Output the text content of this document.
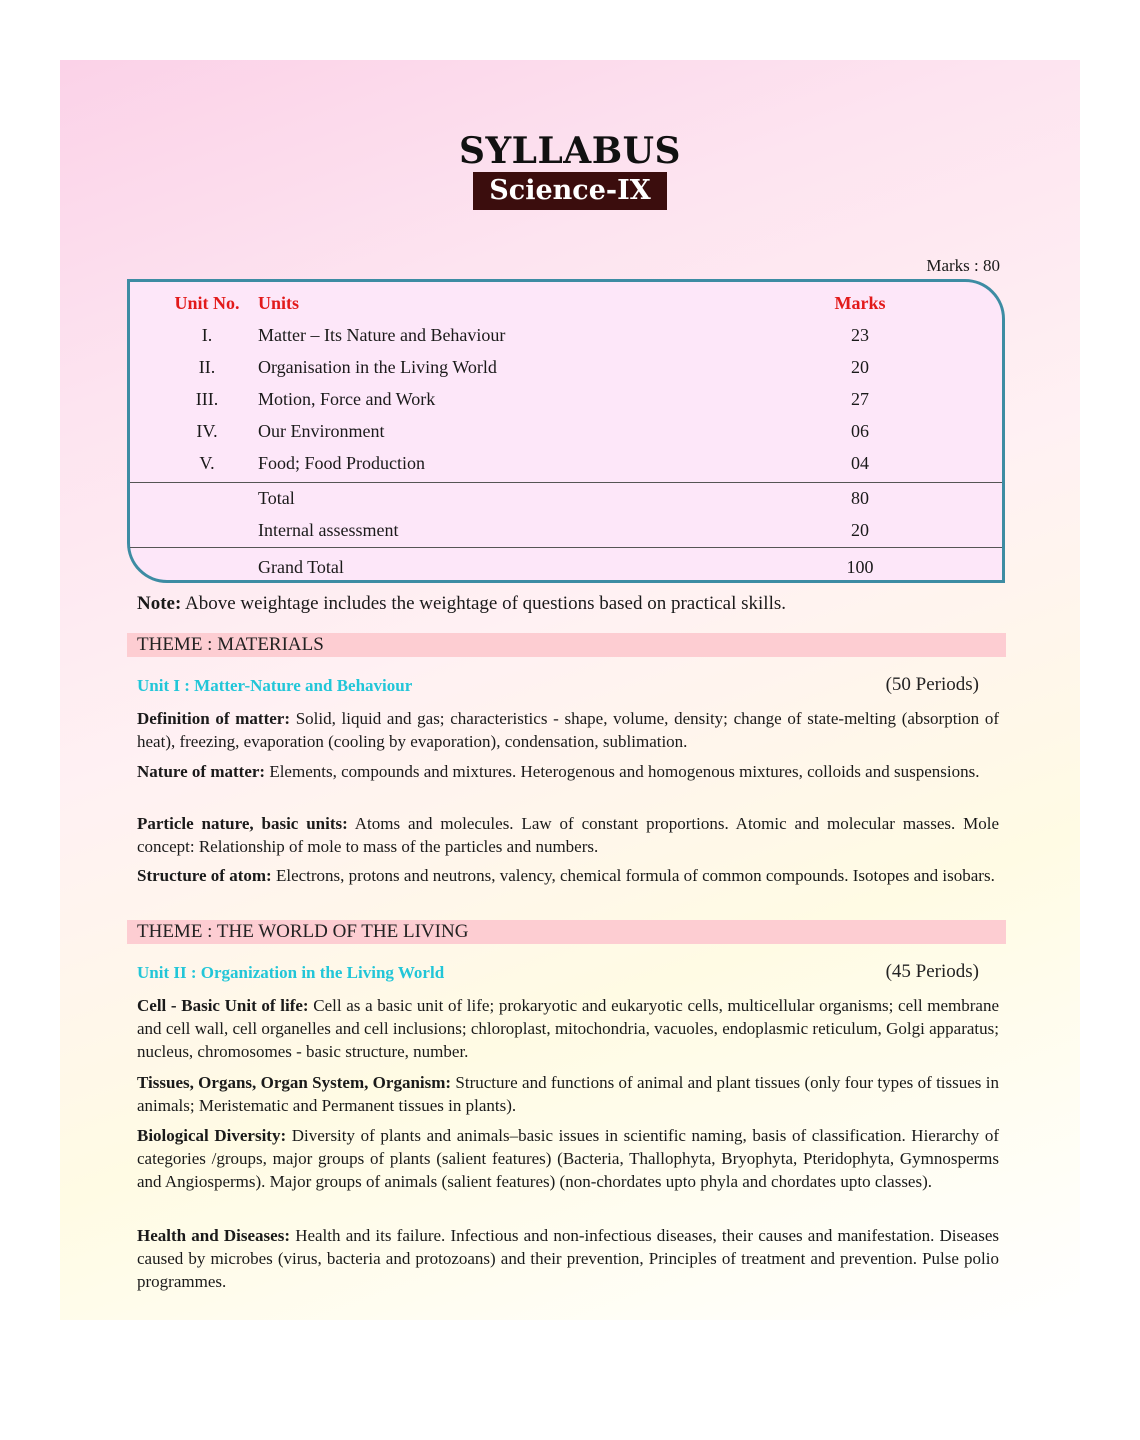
SYLLABUS
Science-IX
Marks : 80
Unit No.	Units	Marks
I.	Matter – Its Nature and Behaviour	23
II.	Organisation in the Living World	20
III.	Motion, Force and Work	27
IV.	Our Environment	06
V.	Food; Food Production	04
Total	80
Internal assessment	20
Grand Total	100
Note: Above weightage includes the weightage of questions based on practical skills.
THEME : MATERIALS
Unit I : Matter-Nature and Behaviour	(50 Periods)
Definition of matter: Solid, liquid and gas; characteristics - shape, volume, density; change of state-melting (absorption of heat), freezing, evaporation (cooling by evaporation), condensation, sublimation.
Nature of matter: Elements, compounds and mixtures. Heterogenous and homogenous mixtures, colloids and suspensions.
Particle nature, basic units: Atoms and molecules. Law of constant proportions. Atomic and molecular masses. Mole concept: Relationship of mole to mass of the particles and numbers.
Structure of atom: Electrons, protons and neutrons, valency, chemical formula of common compounds. Isotopes and isobars.
THEME : THE WORLD OF THE LIVING
Unit II : Organization in the Living World	(45 Periods)
Cell - Basic Unit of life: Cell as a basic unit of life; prokaryotic and eukaryotic cells, multicellular organisms; cell membrane and cell wall, cell organelles and cell inclusions; chloroplast, mitochondria, vacuoles, endoplasmic reticulum, Golgi apparatus; nucleus, chromosomes - basic structure, number.
Tissues, Organs, Organ System, Organism: Structure and functions of animal and plant tissues (only four types of tissues in animals; Meristematic and Permanent tissues in plants).
Biological Diversity: Diversity of plants and animals–basic issues in scientific naming, basis of classification. Hierarchy of categories /groups, major groups of plants (salient features) (Bacteria, Thallophyta, Bryophyta, Pteridophyta, Gymnosperms and Angiosperms). Major groups of animals (salient features) (non-chordates upto phyla and chordates upto classes).
Health and Diseases: Health and its failure. Infectious and non-infectious diseases, their causes and manifestation. Diseases caused by microbes (virus, bacteria and protozoans) and their prevention, Principles of treatment and prevention. Pulse polio programmes.
